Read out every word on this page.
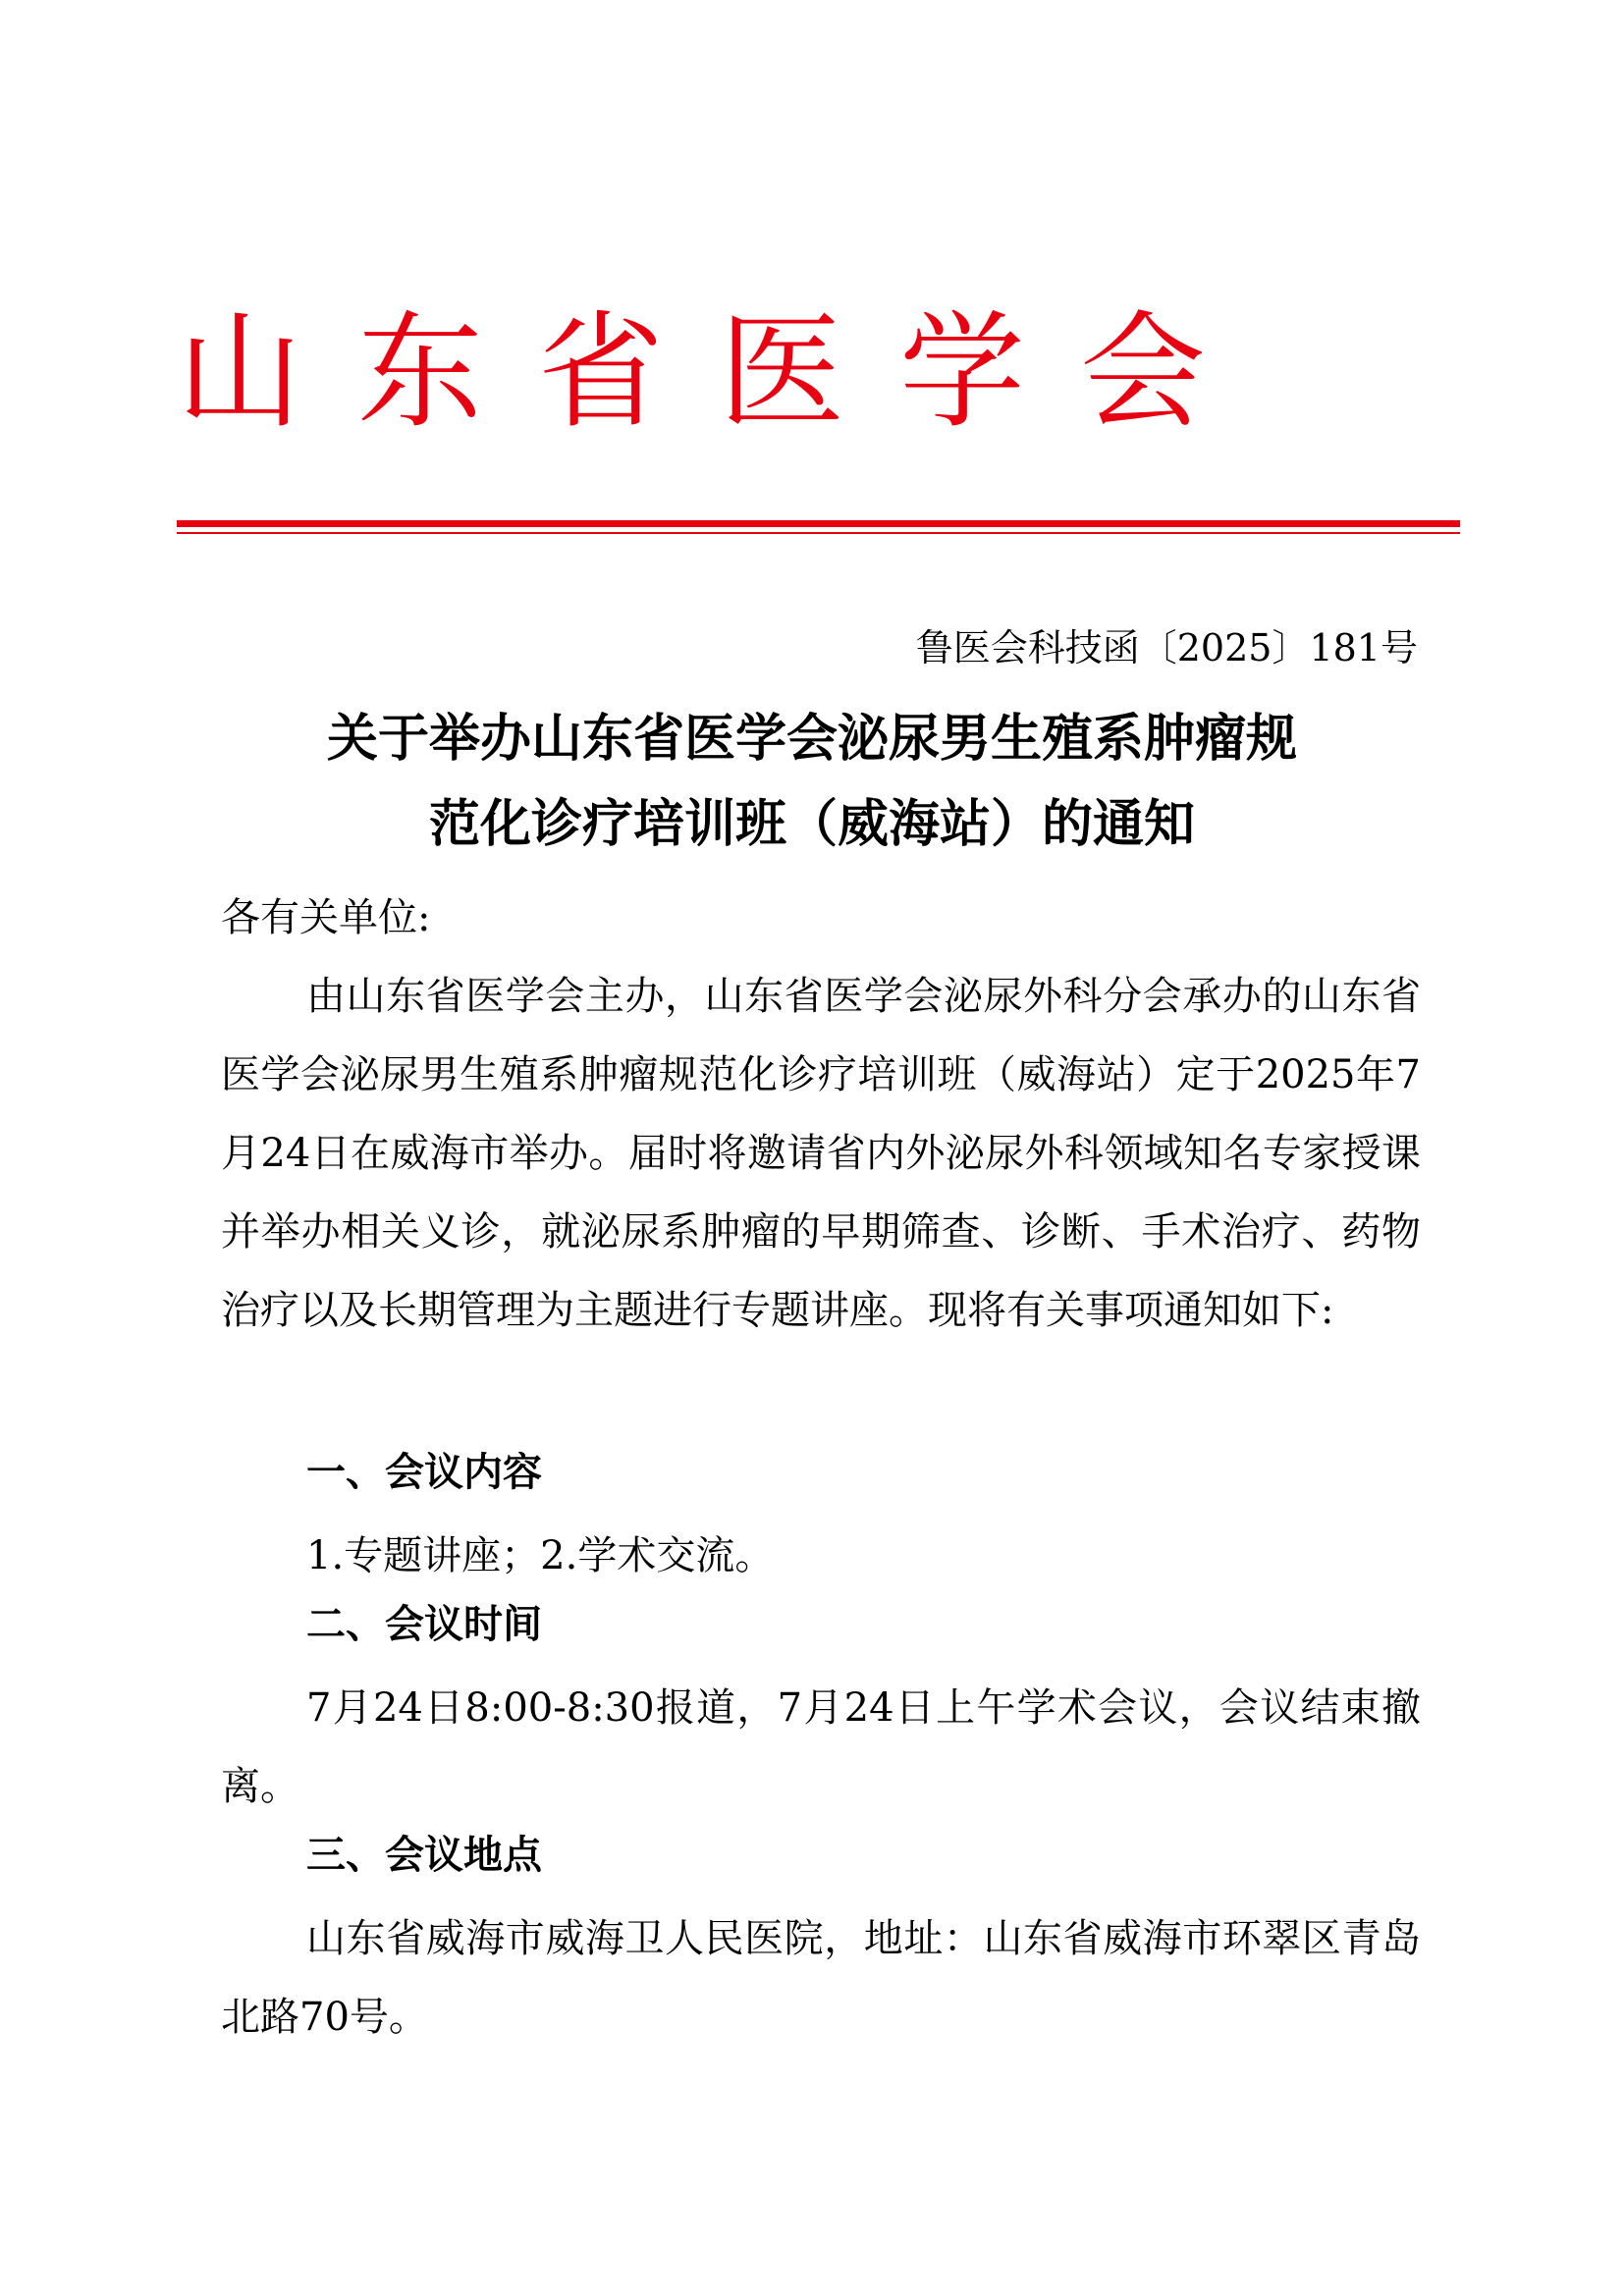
山东省医学会
鲁医会科技函〔2025〕181号
关于举办山东省医学会泌尿男生殖系肿瘤规
范化诊疗培训班（威海站）的通知
各有关单位:
由山东省医学会主办，山东省医学会泌尿外科分会承办的山东省医学会泌尿男生殖系肿瘤规范化诊疗培训班（威海站）定于2025年7月24日在威海市举办。届时将邀请省内外泌尿外科领域知名专家授课并举办相关义诊，就泌尿系肿瘤的早期筛查、诊断、手术治疗、药物治疗以及长期管理为主题进行专题讲座。现将有关事项通知如下:
一、会议内容
1.专题讲座；2.学术交流。
二、会议时间
7月24日8:00-8:30报道，7月24日上午学术会议，会议结束撤离。
三、会议地点
山东省威海市威海卫人民医院，地址：山东省威海市环翠区青岛北路70号。
